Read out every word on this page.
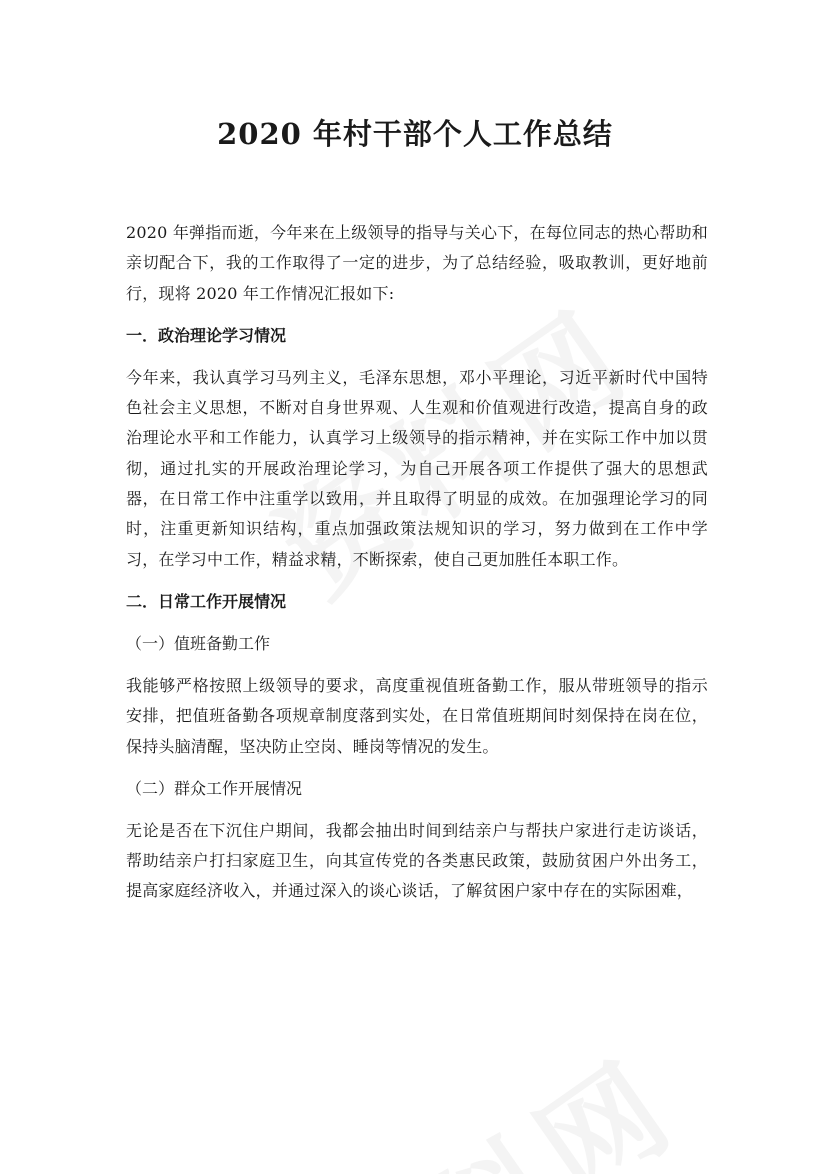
2020 年村干部个人工作总结

2020 年弹指而逝，今年来在上级领导的指导与关心下，在每位同志的热心帮助和亲切配合下，我的工作取得了一定的进步，为了总结经验，吸取教训，更好地前行，现将 2020 年工作情况汇报如下:

一．政治理论学习情况

今年来，我认真学习马列主义，毛泽东思想，邓小平理论，习近平新时代中国特色社会主义思想，不断对自身世界观、人生观和价值观进行改造，提高自身的政治理论水平和工作能力，认真学习上级领导的指示精神，并在实际工作中加以贯彻，通过扎实的开展政治理论学习，为自己开展各项工作提供了强大的思想武器，在日常工作中注重学以致用，并且取得了明显的成效。在加强理论学习的同时，注重更新知识结构，重点加强政策法规知识的学习，努力做到在工作中学习，在学习中工作，精益求精，不断探索，使自己更加胜任本职工作。

二．日常工作开展情况

（一）值班备勤工作

我能够严格按照上级领导的要求，高度重视值班备勤工作，服从带班领导的指示安排，把值班备勤各项规章制度落到实处，在日常值班期间时刻保持在岗在位，保持头脑清醒，坚决防止空岗、睡岗等情况的发生。

（二）群众工作开展情况

无论是否在下沉住户期间，我都会抽出时间到结亲户与帮扶户家进行走访谈话，帮助结亲户打扫家庭卫生，向其宣传党的各类惠民政策，鼓励贫困户外出务工，提高家庭经济收入，并通过深入的谈心谈话，了解贫困户家中存在的实际困难，
